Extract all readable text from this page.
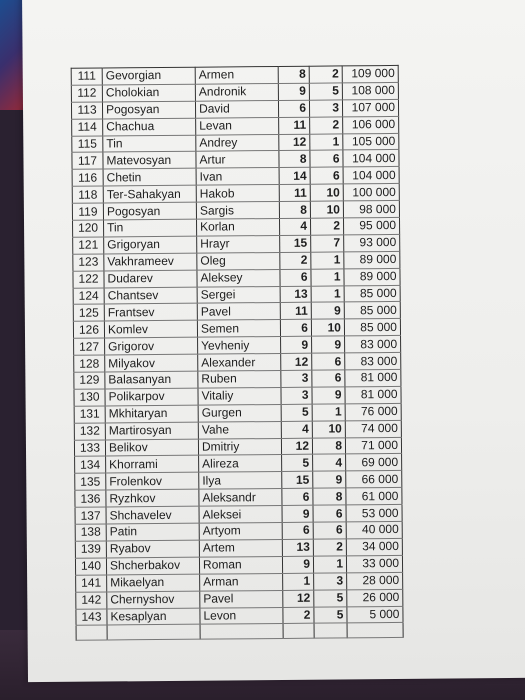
111	Gevorgian	Armen	8	2	109 000
112	Cholokian	Andronik	9	5	108 000
113	Pogosyan	David	6	3	107 000
114	Chachua	Levan	11	2	106 000
115	Tin	Andrey	12	1	105 000
117	Matevosyan	Artur	8	6	104 000
116	Chetin	Ivan	14	6	104 000
118	Ter-Sahakyan	Hakob	11	10	100 000
119	Pogosyan	Sargis	8	10	98 000
120	Tin	Korlan	4	2	95 000
121	Grigoryan	Hrayr	15	7	93 000
123	Vakhrameev	Oleg	2	1	89 000
122	Dudarev	Aleksey	6	1	89 000
124	Chantsev	Sergei	13	1	85 000
125	Frantsev	Pavel	11	9	85 000
126	Komlev	Semen	6	10	85 000
127	Grigorov	Yevheniy	9	9	83 000
128	Milyakov	Alexander	12	6	83 000
129	Balasanyan	Ruben	3	6	81 000
130	Polikarpov	Vitaliy	3	9	81 000
131	Mkhitaryan	Gurgen	5	1	76 000
132	Martirosyan	Vahe	4	10	74 000
133	Belikov	Dmitriy	12	8	71 000
134	Khorrami	Alireza	5	4	69 000
135	Frolenkov	Ilya	15	9	66 000
136	Ryzhkov	Aleksandr	6	8	61 000
137	Shchavelev	Aleksei	9	6	53 000
138	Patin	Artyom	6	6	40 000
139	Ryabov	Artem	13	2	34 000
140	Shcherbakov	Roman	9	1	33 000
141	Mikaelyan	Arman	1	3	28 000
142	Chernyshov	Pavel	12	5	26 000
143	Kesaplyan	Levon	2	5	5 000
